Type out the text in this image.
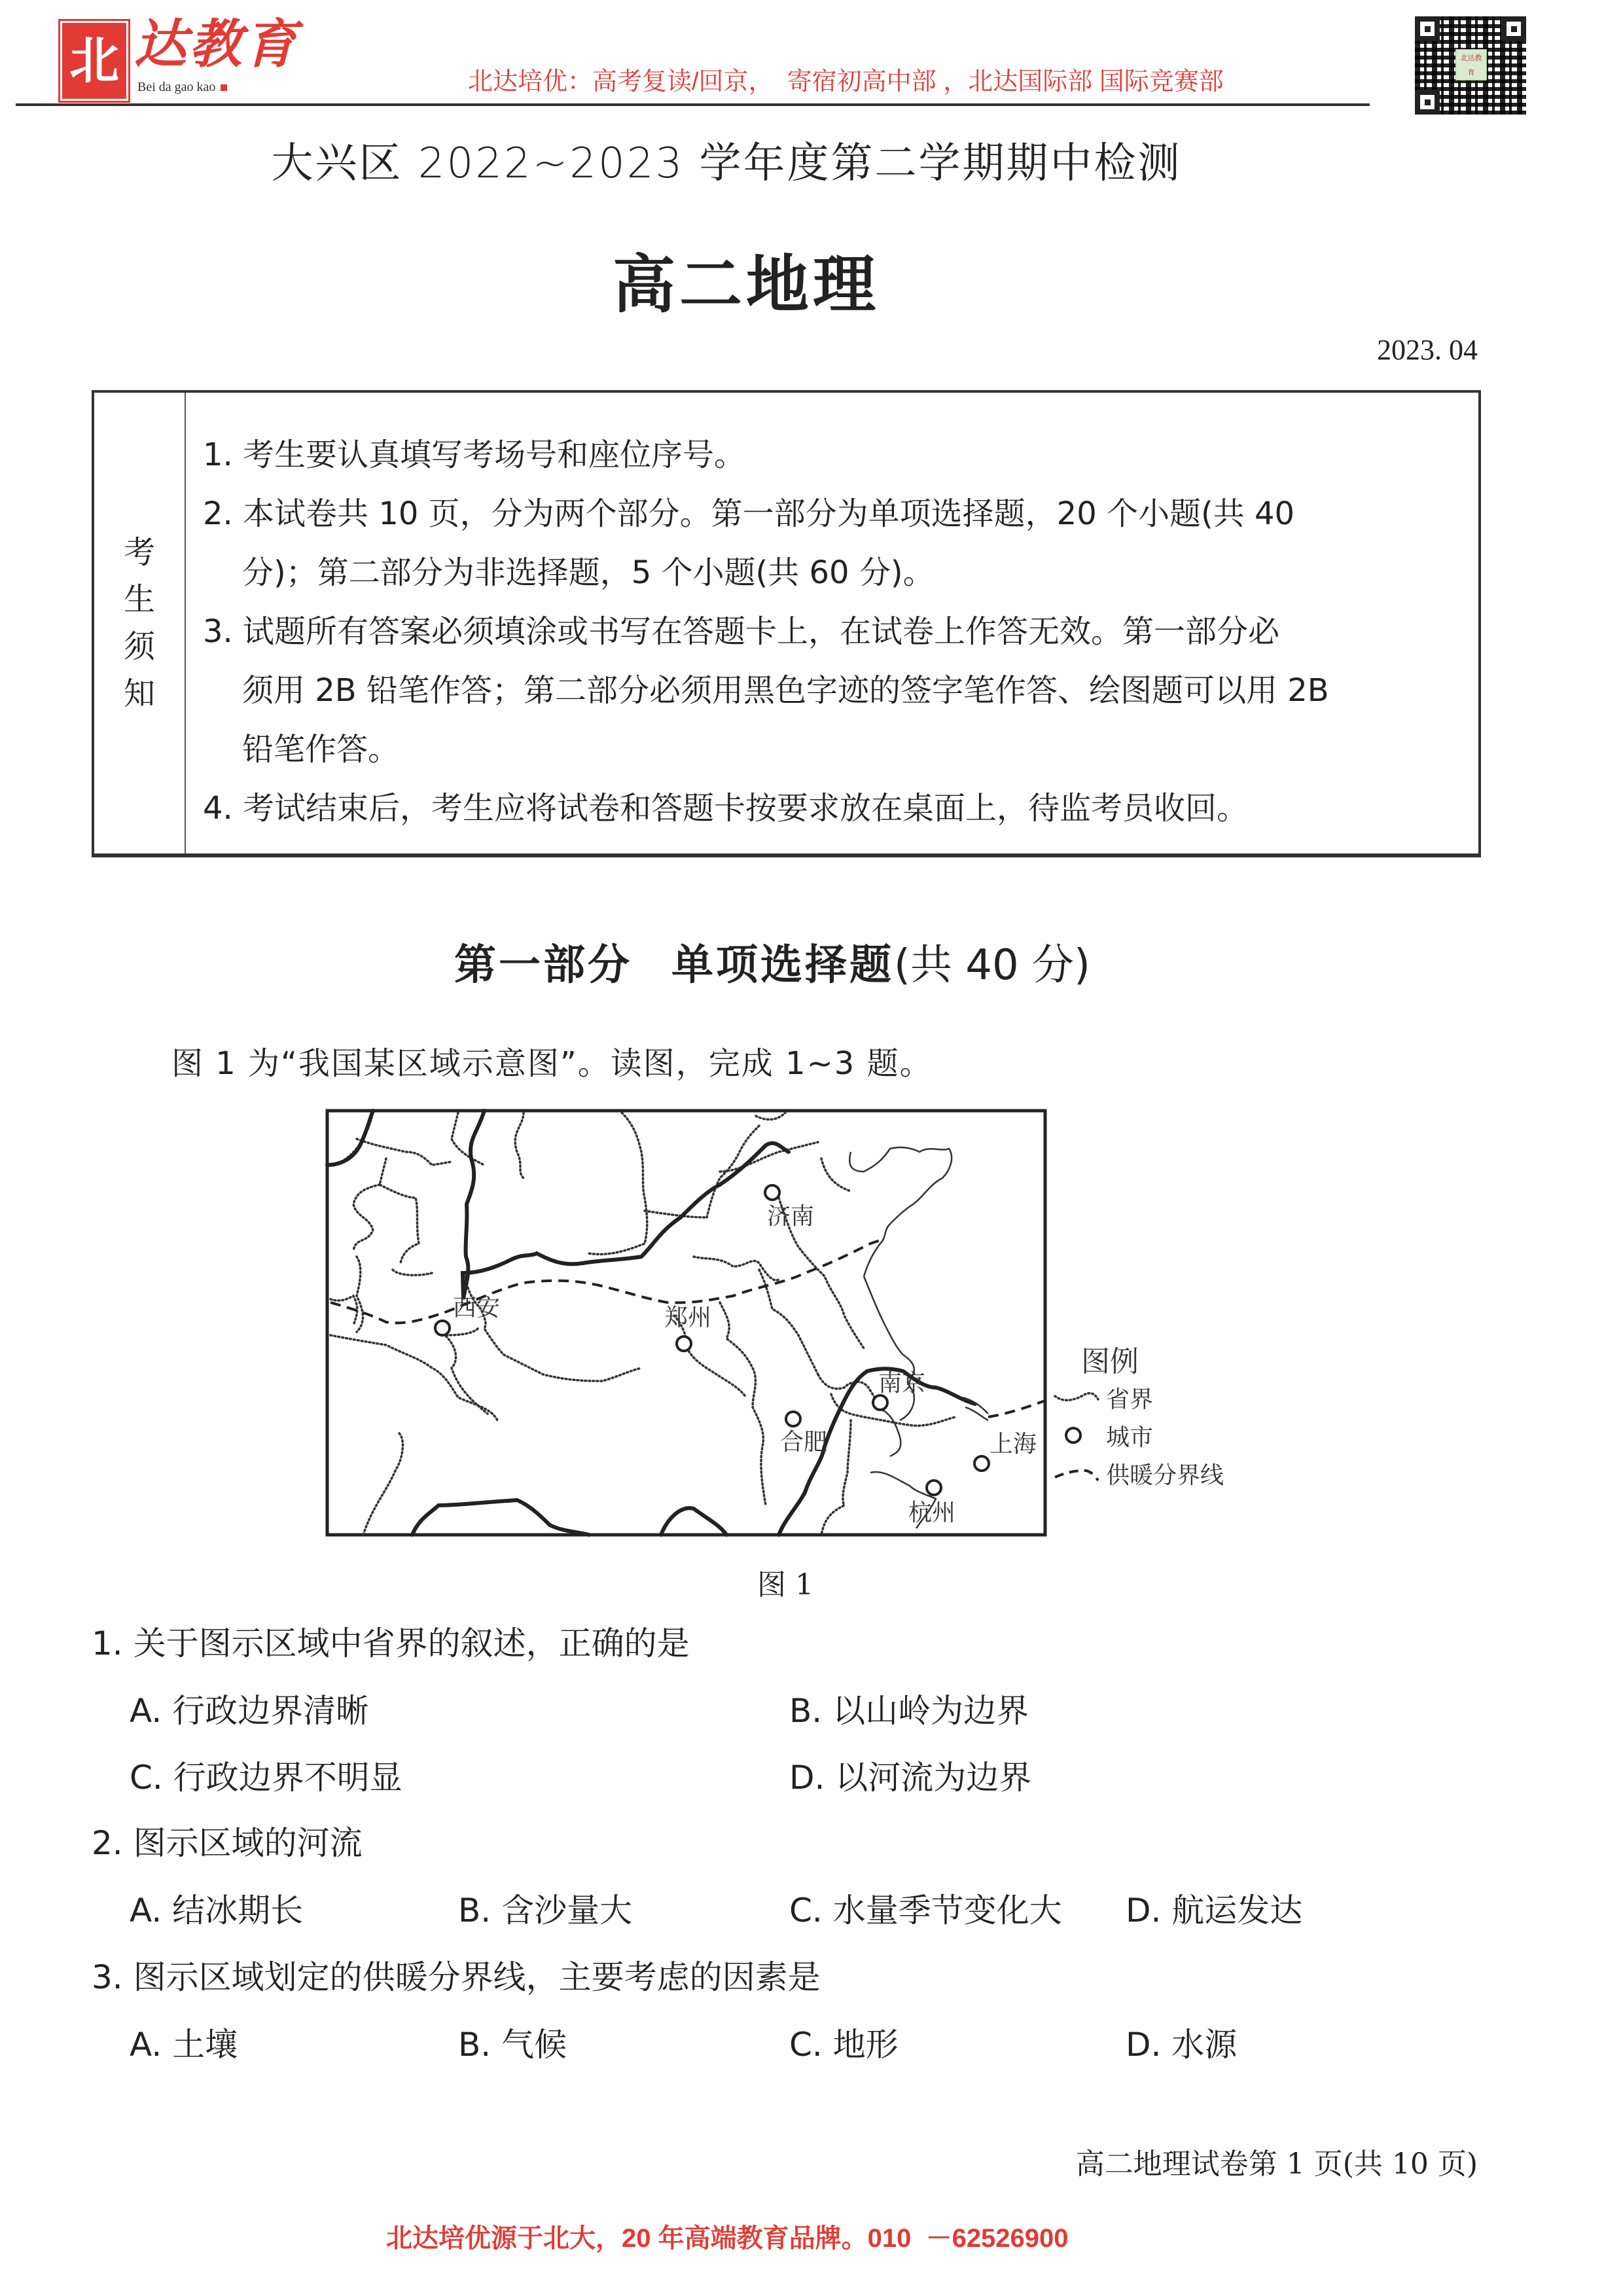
北 达教育
Bei da gao kao	北达培优：高考复读/回京，  寄宿初高中部 ，北达国际部 国际竞赛部
北达教育
大兴区 2022~2023 学年度第二学期期中检测
高二地理
2023. 04
考
生
须
知

1. 考生要认真填写考场号和座位序号。

2. 本试卷共 10 页，分为两个部分。第一部分为单项选择题，20 个小题(共 40

分)；第二部分为非选择题，5 个小题(共 60 分)。

3. 试题所有答案必须填涂或书写在答题卡上，在试卷上作答无效。第一部分必

须用 2B 铅笔作答；第二部分必须用黑色字迹的签字笔作答、绘图题可以用 2B

铅笔作答。

4. 考试结束后，考生应将试卷和答题卡按要求放在桌面上，待监考员收回。

第一部分 单项选择题(共 40 分)
图 1 为“我国某区域示意图”。读图，完成 1~3 题。
西安	郑州
济南
南京
合肥	上海
杭州
图例
省界
城市
供暖分界线
图 1
1. 关于图示区域中省界的叙述，正确的是
A. 行政边界清晰	B. 以山岭为边界
C. 行政边界不明显	D. 以河流为边界
2. 图示区域的河流
A. 结冰期长	B. 含沙量大	C. 水量季节变化大 D. 航运发达
3. 图示区域划定的供暖分界线，主要考虑的因素是
A. 土壤	B. 气候	C. 地形	D. 水源
高二地理试卷第 1 页(共 10 页)
北达培优源于北大，20 年高端教育品牌。010  －62526900
